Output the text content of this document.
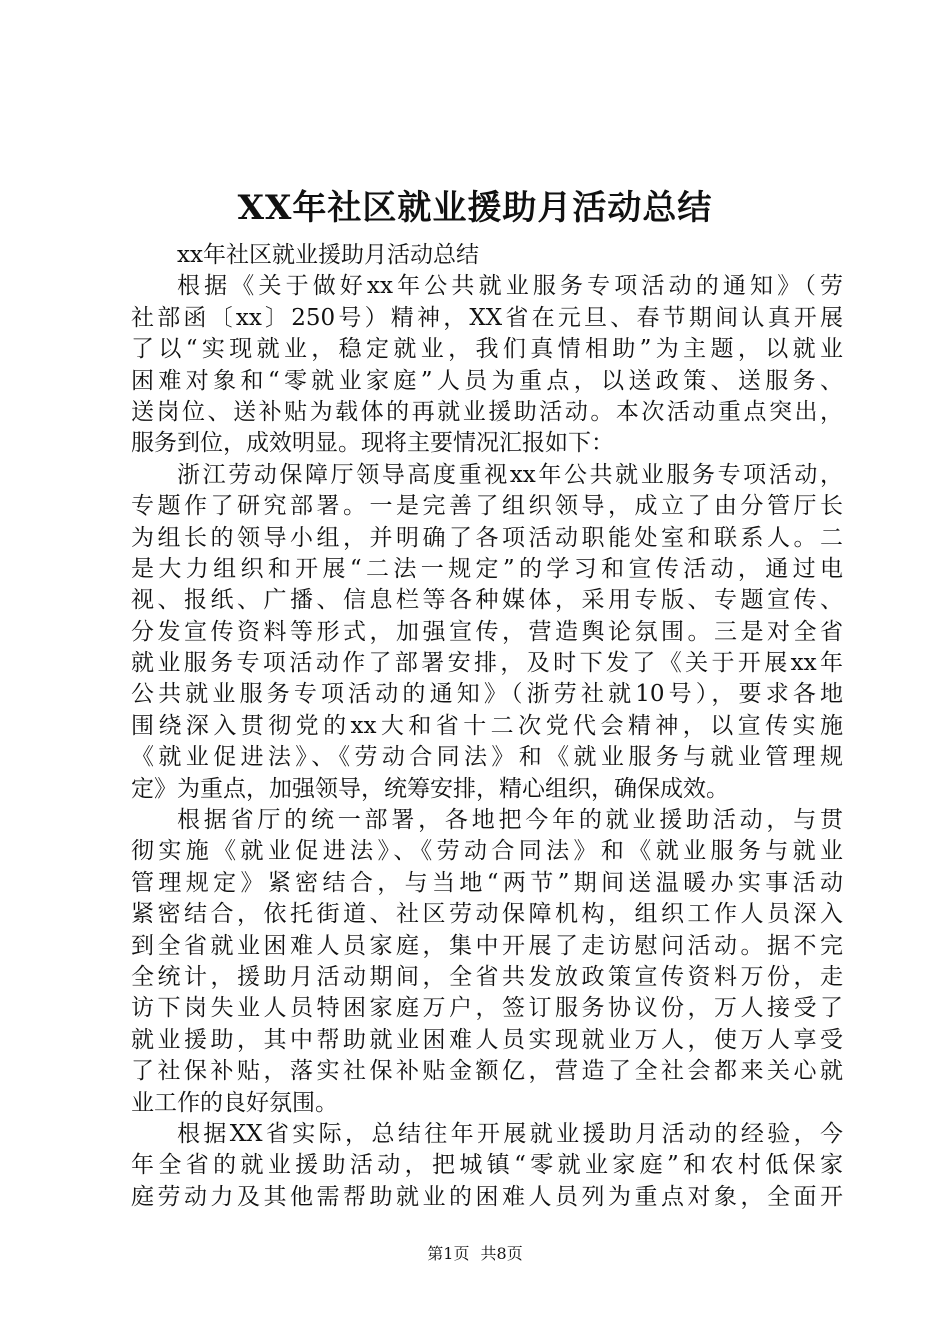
XX年社区就业援助月活动总结
xx年社区就业援助月活动总结
根据《关于做好xx年公共就业服务专项活动的通知》（劳
社部函〔xx〕250号）精神，XX省在元旦、春节期间认真开展
了以“实现就业，稳定就业，我们真情相助”为主题，以就业
困难对象和“零就业家庭”人员为重点，以送政策、送服务、
送岗位、送补贴为载体的再就业援助活动。本次活动重点突出，
服务到位，成效明显。现将主要情况汇报如下：
浙江劳动保障厅领导高度重视xx年公共就业服务专项活动，
专题作了研究部署。一是完善了组织领导，成立了由分管厅长
为组长的领导小组，并明确了各项活动职能处室和联系人。二
是大力组织和开展“二法一规定”的学习和宣传活动，通过电
视、报纸、广播、信息栏等各种媒体，采用专版、专题宣传、
分发宣传资料等形式，加强宣传，营造舆论氛围。三是对全省
就业服务专项活动作了部署安排，及时下发了《关于开展xx年
公共就业服务专项活动的通知》（浙劳社就10号），要求各地
围绕深入贯彻党的xx大和省十二次党代会精神，以宣传实施
《就业促进法》、《劳动合同法》和《就业服务与就业管理规
定》为重点，加强领导，统筹安排，精心组织，确保成效。
根据省厅的统一部署，各地把今年的就业援助活动，与贯
彻实施《就业促进法》、《劳动合同法》和《就业服务与就业
管理规定》紧密结合，与当地“两节”期间送温暖办实事活动
紧密结合，依托街道、社区劳动保障机构，组织工作人员深入
到全省就业困难人员家庭，集中开展了走访慰问活动。据不完
全统计，援助月活动期间，全省共发放政策宣传资料万份，走
访下岗失业人员特困家庭万户，签订服务协议份，万人接受了
就业援助，其中帮助就业困难人员实现就业万人，使万人享受
了社保补贴，落实社保补贴金额亿，营造了全社会都来关心就
业工作的良好氛围。
根据XX省实际，总结往年开展就业援助月活动的经验，今
年全省的就业援助活动，把城镇“零就业家庭”和农村低保家
庭劳动力及其他需帮助就业的困难人员列为重点对象，全面开
第1页 共8页
